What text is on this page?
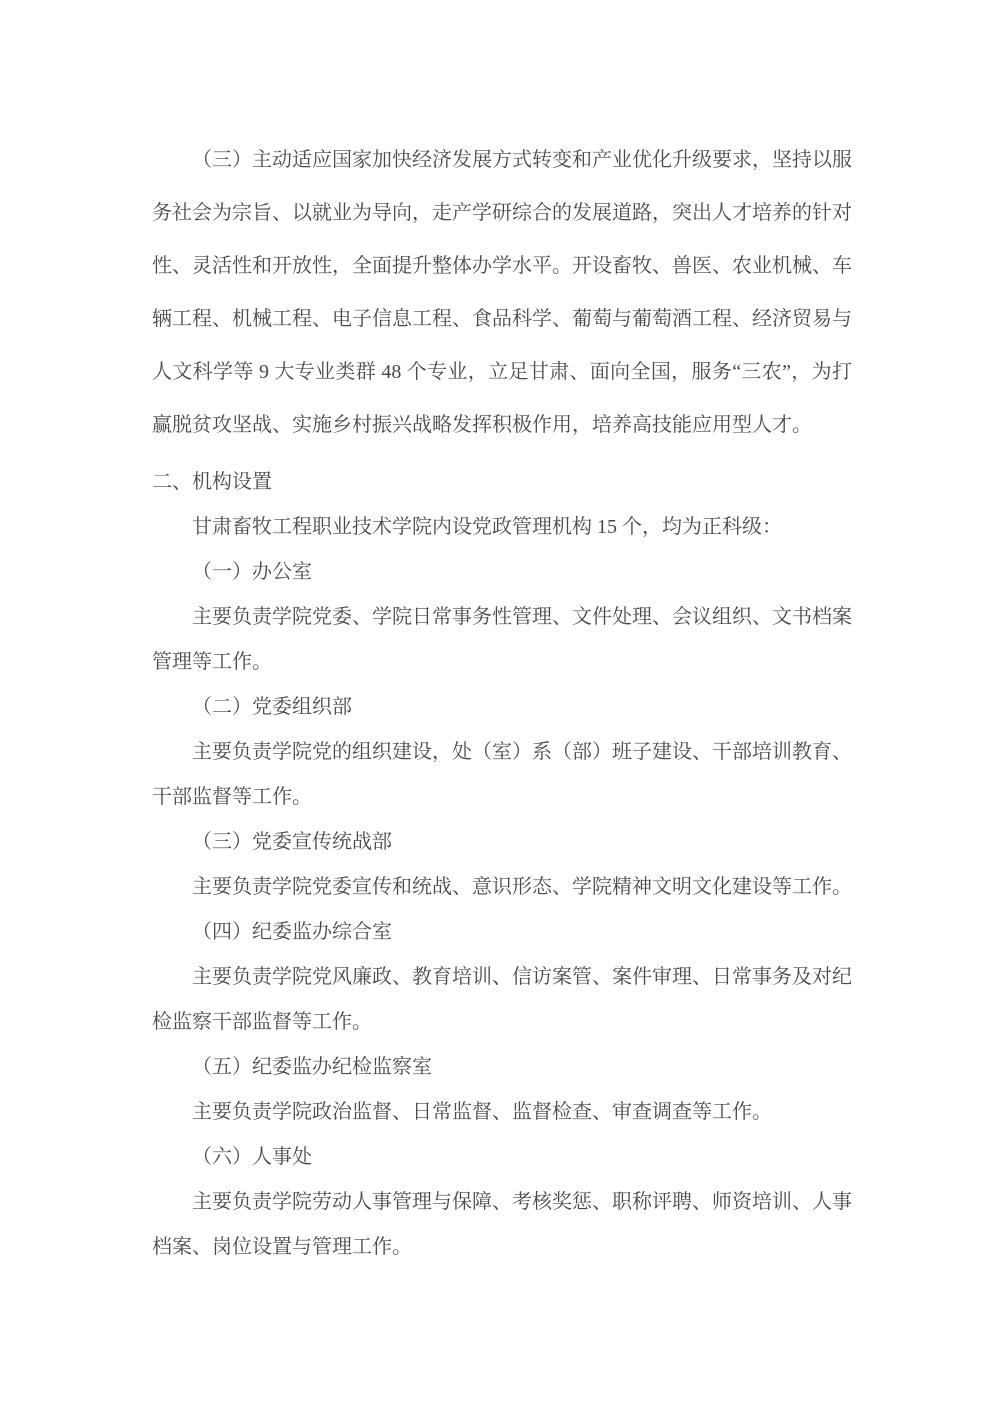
（三）主动适应国家加快经济发展方式转变和产业优化升级要求，坚持以服
务社会为宗旨、以就业为导向，走产学研综合的发展道路，突出人才培养的针对
性、灵活性和开放性，全面提升整体办学水平。开设畜牧、兽医、农业机械、车
辆工程、机械工程、电子信息工程、食品科学、葡萄与葡萄酒工程、经济贸易与
人文科学等 9 大专业类群 48 个专业，立足甘肃、面向全国，服务“三农”，为打
赢脱贫攻坚战、实施乡村振兴战略发挥积极作用，培养高技能应用型人才。
二、机构设置
甘肃畜牧工程职业技术学院内设党政管理机构 15 个，均为正科级：
（一）办公室
主要负责学院党委、学院日常事务性管理、文件处理、会议组织、文书档案
管理等工作。
（二）党委组织部
主要负责学院党的组织建设，处（室）系（部）班子建设、干部培训教育、
干部监督等工作。
（三）党委宣传统战部
主要负责学院党委宣传和统战、意识形态、学院精神文明文化建设等工作。
（四）纪委监办综合室
主要负责学院党风廉政、教育培训、信访案管、案件审理、日常事务及对纪
检监察干部监督等工作。
（五）纪委监办纪检监察室
主要负责学院政治监督、日常监督、监督检查、审查调查等工作。
（六）人事处
主要负责学院劳动人事管理与保障、考核奖惩、职称评聘、师资培训、人事
档案、岗位设置与管理工作。
